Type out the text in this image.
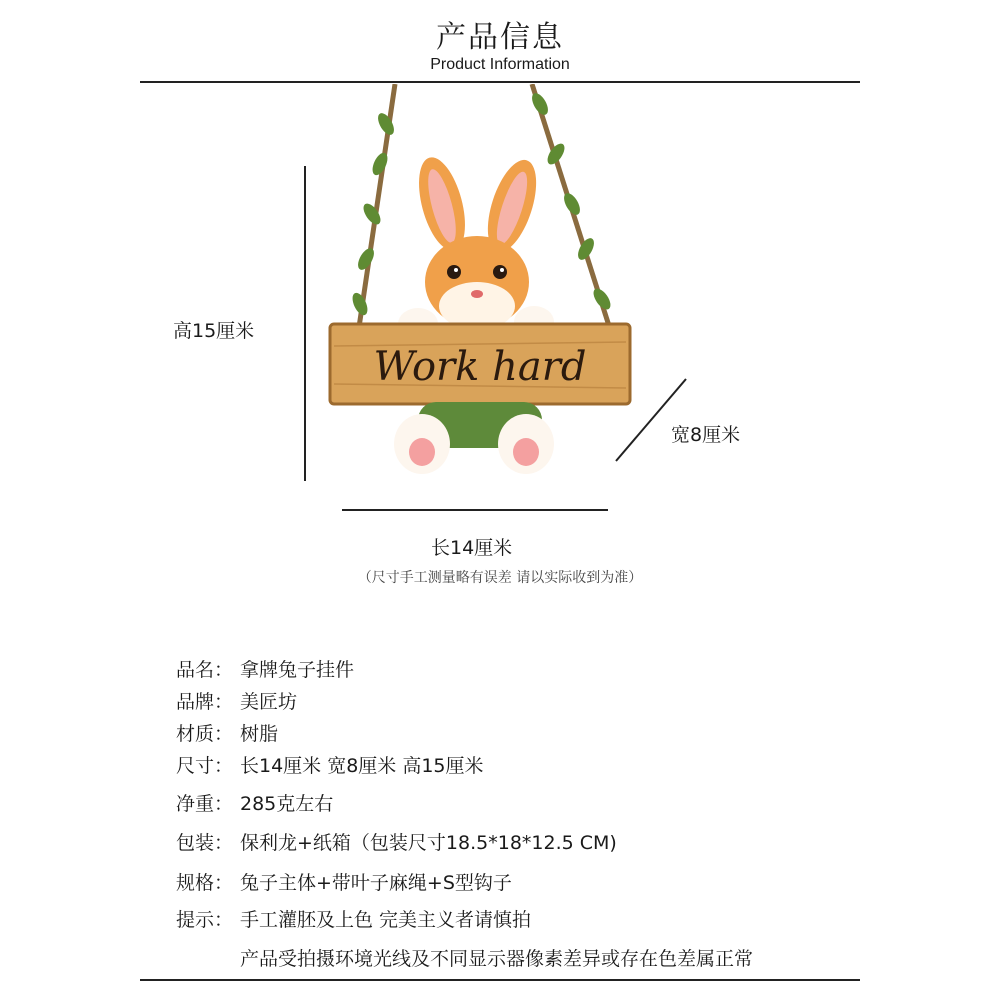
产品信息
Product Information
Work hard
高15厘米
宽8厘米
长14厘米
（尺寸手工测量略有误差 请以实际收到为准）
品名： 拿牌兔子挂件
品牌： 美匠坊
材质： 树脂
尺寸： 长14厘米 宽8厘米 高15厘米
净重： 285克左右
包装： 保利龙+纸箱（包装尺寸18.5*18*12.5 CM)
规格： 兔子主体+带叶子麻绳+S型钩子
提示： 手工灌胚及上色 完美主义者请慎拍
产品受拍摄环境光线及不同显示器像素差异或存在色差属正常
